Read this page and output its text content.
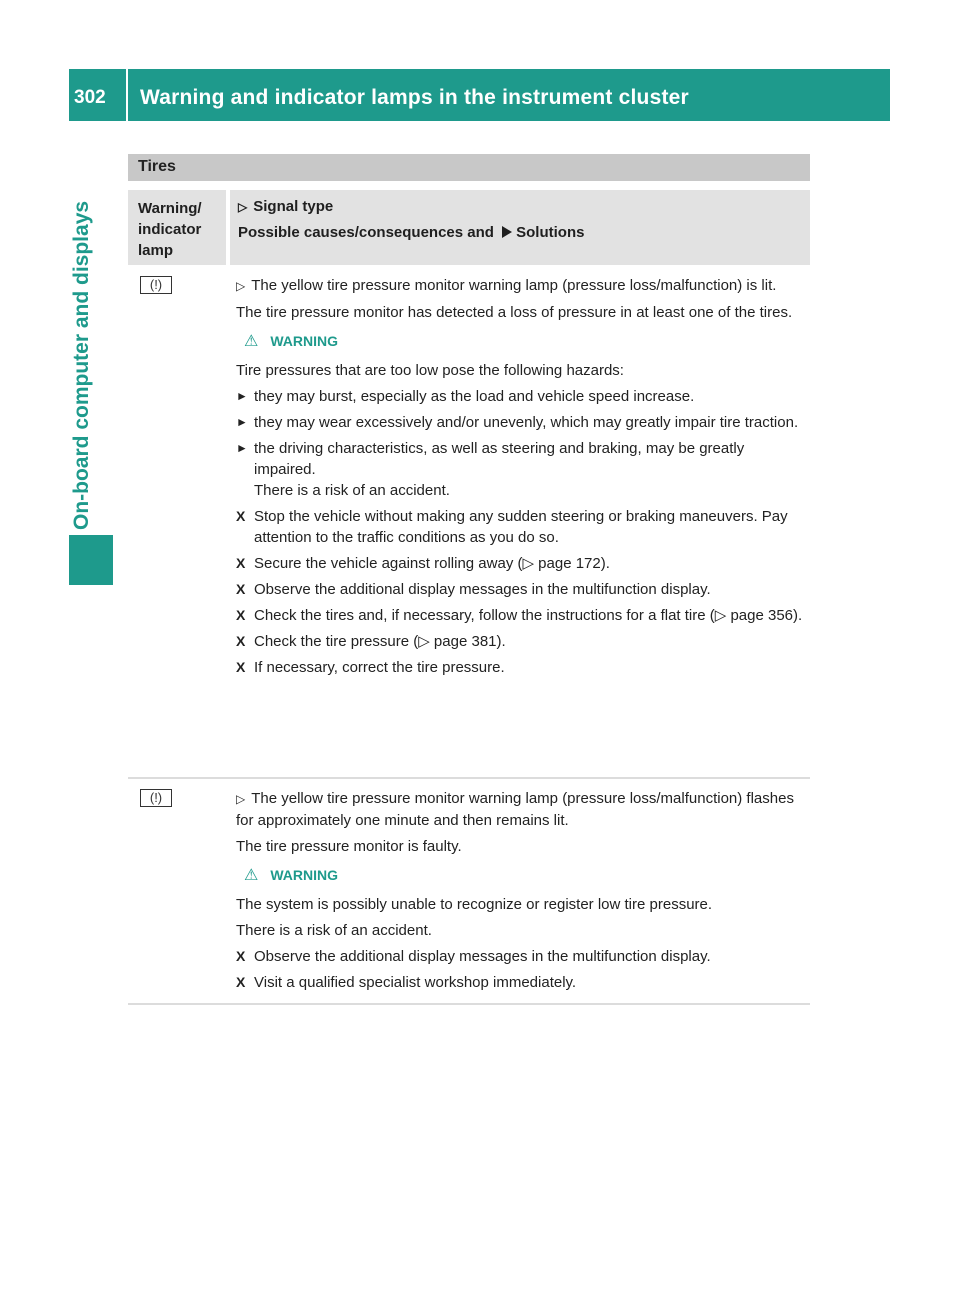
302 Warning and indicator lamps in the instrument cluster
On-board computer and displays
Tires
Warning/ indicator lamp
▷ Signal type
Possible causes/consequences and Solutions
(!)	▷ The yellow tire pressure monitor warning lamp (pressure loss/malfunction) is lit.

The tire pressure monitor has detected a loss of pressure in at least one of the tires.

⚠ WARNING

Tire pressures that are too low pose the following hazards:

► they may burst, especially as the load and vehicle speed increase.
► they may wear excessively and/or unevenly, which may greatly impair tire traction.
► the driving characteristics, as well as steering and braking, may be greatly impaired.
There is a risk of an accident.
X Stop the vehicle without making any sudden steering or braking maneuvers. Pay attention to the traffic conditions as you do so.
X Secure the vehicle against rolling away (▷ page 172).
X Observe the additional display messages in the multifunction display.
X Check the tires and, if necessary, follow the instructions for a flat tire (▷ page 356).
X Check the tire pressure (▷ page 381).
X If necessary, correct the tire pressure.
(!)	▷ The yellow tire pressure monitor warning lamp (pressure loss/malfunction) flashes for approximately one minute and then remains lit.

The tire pressure monitor is faulty.

⚠ WARNING

The system is possibly unable to recognize or register low tire pressure.

There is a risk of an accident.

X Observe the additional display messages in the multifunction display.
X Visit a qualified specialist workshop immediately.
